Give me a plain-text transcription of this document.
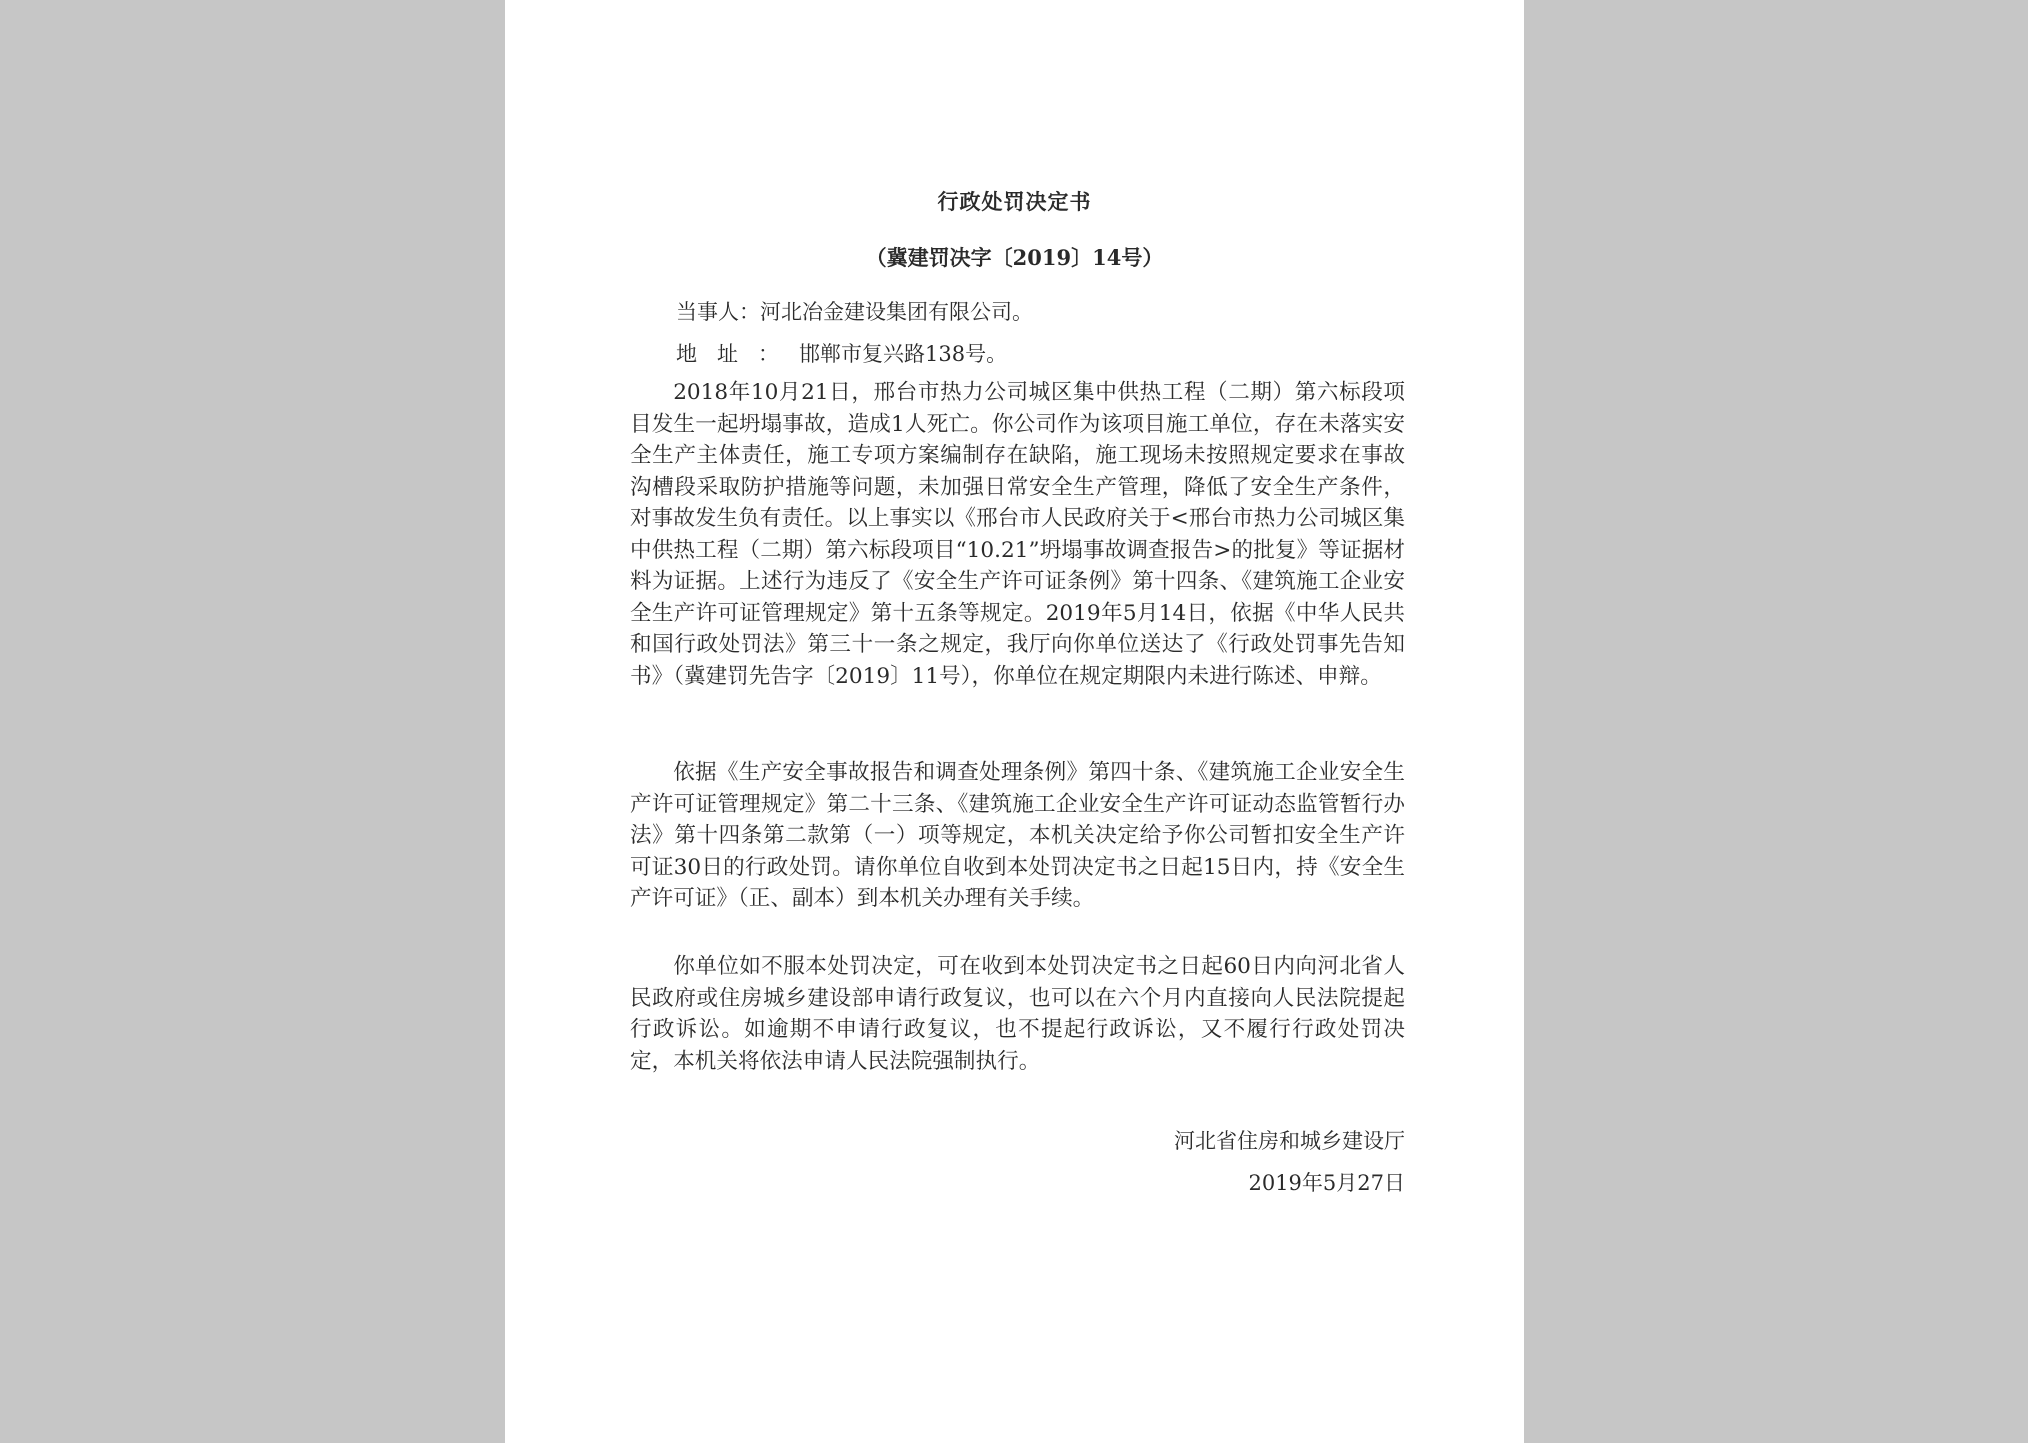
行政处罚决定书

（冀建罚决字〔2019〕14号）

当事人：河北冶金建设集团有限公司。
地址：邯郸市复兴路138号。

2018年10月21日，邢台市热力公司城区集中供热工程（二期）第六标段项目发生一起坍塌事故，造成1人死亡。你公司作为该项目施工单位，存在未落实安全生产主体责任，施工专项方案编制存在缺陷，施工现场未按照规定要求在事故沟槽段采取防护措施等问题，未加强日常安全生产管理，降低了安全生产条件，对事故发生负有责任。以上事实以《邢台市人民政府关于<邢台市热力公司城区集中供热工程（二期）第六标段项目“10.21”坍塌事故调查报告>的批复》等证据材料为证据。上述行为违反了《安全生产许可证条例》第十四条、《建筑施工企业安全生产许可证管理规定》第十五条等规定。2019年5月14日，依据《中华人民共和国行政处罚法》第三十一条之规定，我厅向你单位送达了《行政处罚事先告知书》（冀建罚先告字〔2019〕11号），你单位在规定期限内未进行陈述、申辩。

依据《生产安全事故报告和调查处理条例》第四十条、《建筑施工企业安全生产许可证管理规定》第二十三条、《建筑施工企业安全生产许可证动态监管暂行办法》第十四条第二款第（一）项等规定，本机关决定给予你公司暂扣安全生产许可证30日的行政处罚。请你单位自收到本处罚决定书之日起15日内，持《安全生产许可证》（正、副本）到本机关办理有关手续。

你单位如不服本处罚决定，可在收到本处罚决定书之日起60日内向河北省人民政府或住房城乡建设部申请行政复议，也可以在六个月内直接向人民法院提起行政诉讼。如逾期不申请行政复议，也不提起行政诉讼，又不履行行政处罚决定，本机关将依法申请人民法院强制执行。

河北省住房和城乡建设厅

2019年5月27日
